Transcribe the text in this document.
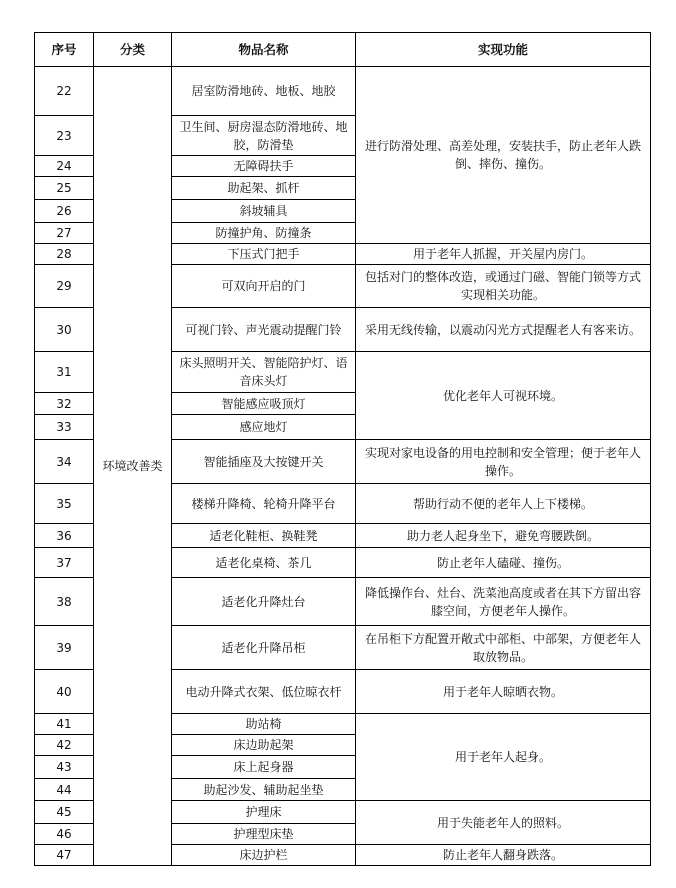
序号	分类	物品名称	实现功能
22	环境改善类	居室防滑地砖、地板、地胶	进行防滑处理、高差处理，安装扶手，防止老年人跌倒、摔伤、撞伤。
23		卫生间、厨房湿态防滑地砖、地胶，防滑垫	
24		无障碍扶手	
25		助起架、抓杆	
26		斜坡辅具	
27		防撞护角、防撞条	
28		下压式门把手	用于老年人抓握，开关屋内房门。
29		可双向开启的门	包括对门的整体改造，或通过门磁、智能门锁等方式实现相关功能。
30		可视门铃、声光震动提醒门铃	采用无线传输，以震动闪光方式提醒老人有客来访。
31		床头照明开关、智能陪护灯、语音床头灯	优化老年人可视环境。
32		智能感应吸顶灯	
33		感应地灯	
34		智能插座及大按键开关	实现对家电设备的用电控制和安全管理；便于老年人操作。
35		楼梯升降椅、轮椅升降平台	帮助行动不便的老年人上下楼梯。
36		适老化鞋柜、换鞋凳	助力老人起身坐下，避免弯腰跌倒。
37		适老化桌椅、茶几	防止老年人磕碰、撞伤。
38		适老化升降灶台	降低操作台、灶台、洗菜池高度或者在其下方留出容膝空间，方便老年人操作。
39		适老化升降吊柜	在吊柜下方配置开敞式中部柜、中部架，方便老年人取放物品。
40		电动升降式衣架、低位晾衣杆	用于老年人晾晒衣物。
41		助站椅	用于老年人起身。
42		床边助起架	
43		床上起身器	
44		助起沙发、辅助起坐垫	
45		护理床	用于失能老年人的照料。
46		护理型床垫	
47		床边护栏	防止老年人翻身跌落。
